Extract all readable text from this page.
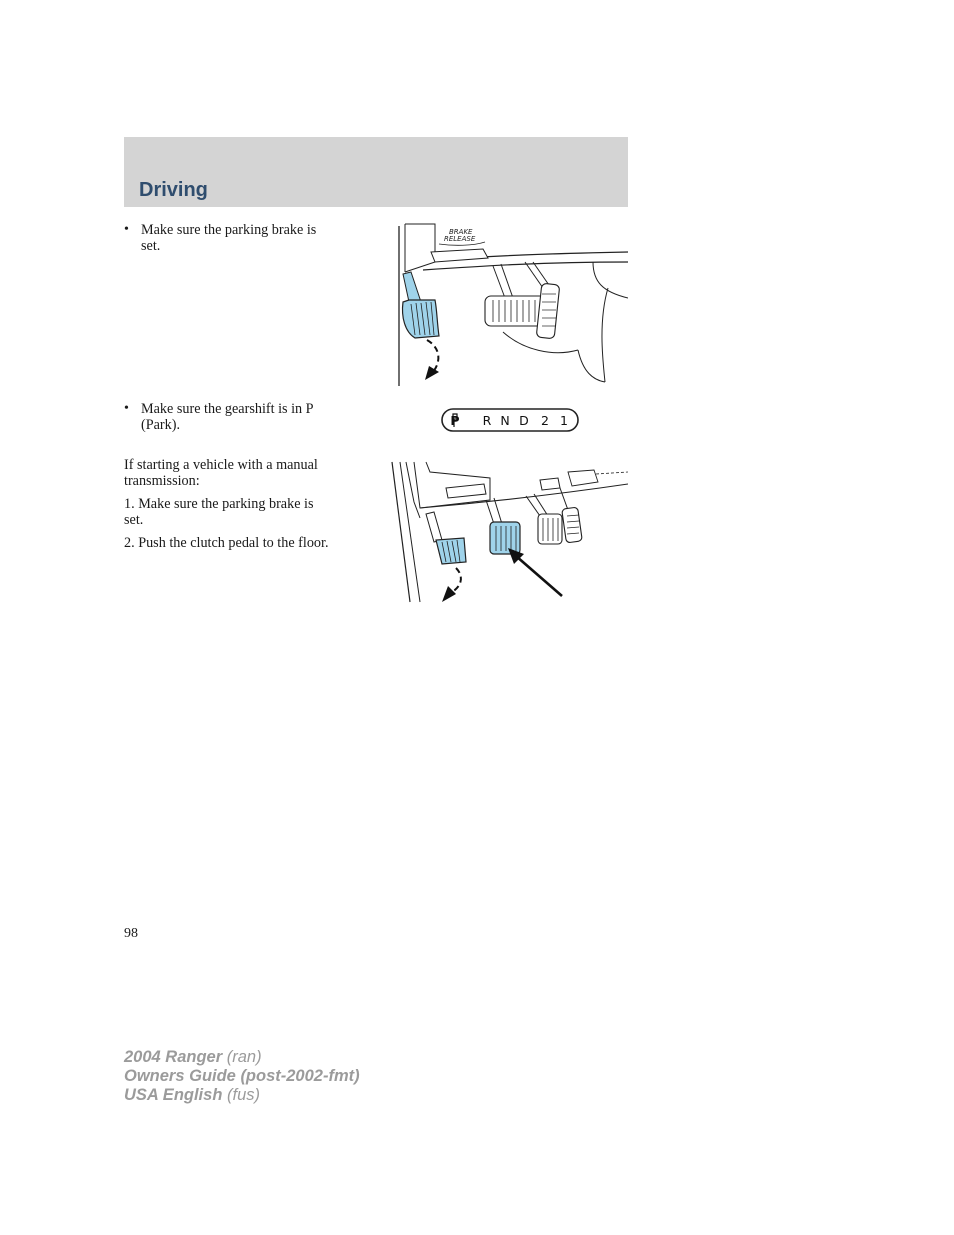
Driving
• Make sure the parking brake is
set.
BRAKE
RELEASE
• Make sure the gearshift is in P
(Park).	P R N D 2 1
If starting a vehicle with a manual
transmission:
1. Make sure the parking brake is
set.
2. Push the clutch pedal to the floor.
98
2004 Ranger (ran)
Owners Guide (post-2002-fmt)
USA English (fus)
